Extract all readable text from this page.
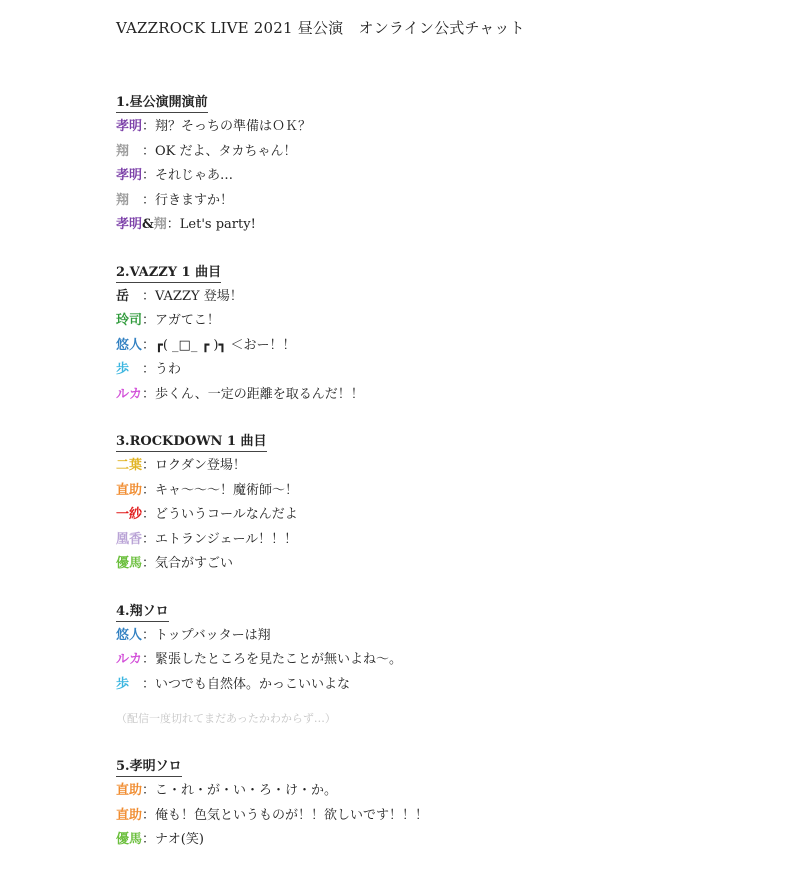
VAZZROCK LIVE 2021 昼公演　オンライン公式チャット
1.昼公演開演前
孝明：翔？そっちの準備はＯＫ？
翔 ：OK だよ、タカちゃん！
孝明：それじゃあ…
翔 ：行きますか！
孝明&翔：Let's party!
2.VAZZY 1 曲目
岳 ：VAZZY 登場！
玲司：アガてこ！
悠人：┏( _□_ ┏ )┓ ＜おー！！
歩 ：うわ
ルカ：歩くん、一定の距離を取るんだ！！
3.ROCKDOWN 1 曲目
二葉：ロクダン登場！
直助：キャ〜〜〜！魔術師〜！
一紗：どういうコールなんだよ
凰香：エトランジェール！！！
優馬：気合がすごい
4.翔ソロ
悠人：トップバッターは翔
ルカ：緊張したところを見たことが無いよね〜。
歩 ：いつでも自然体。かっこいいよな
（配信一度切れてまだあったかわからず…）
5.孝明ソロ
直助：こ・れ・が・い・ろ・け・か。
直助：俺も！色気というものが！！欲しいです！！！
優馬：ナオ(笑)
